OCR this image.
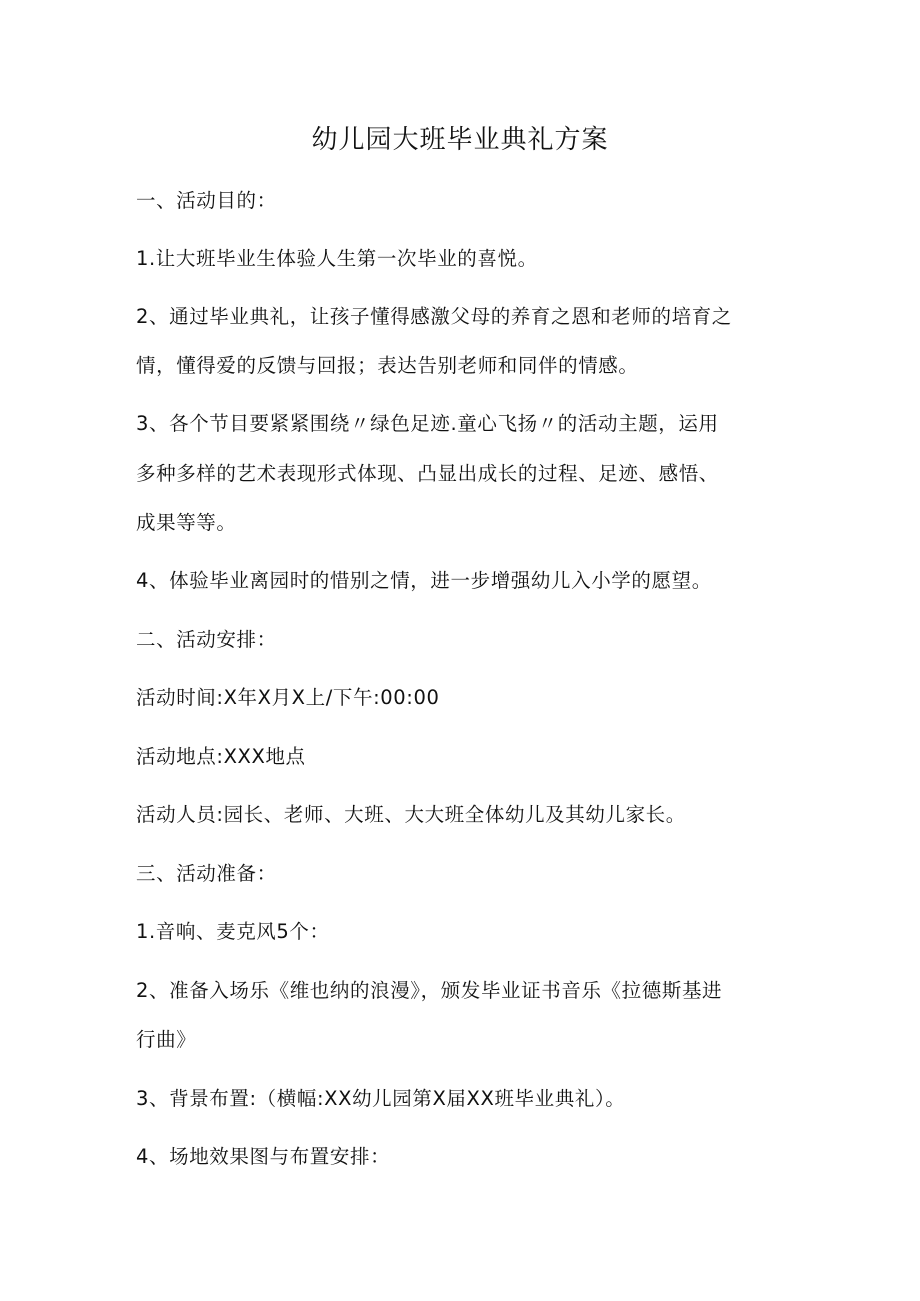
幼儿园大班毕业典礼方案
一、活动目的：
1.让大班毕业生体验人生第一次毕业的喜悦。
2、通过毕业典礼，让孩子懂得感激父母的养育之恩和老师的培育之
情，懂得爱的反馈与回报；表达告别老师和同伴的情感。
3、各个节目要紧紧围绕〃绿色足迹.童心飞扬〃的活动主题，运用
多种多样的艺术表现形式体现、凸显出成长的过程、足迹、感悟、
成果等等。
4、体验毕业离园时的惜别之情，进一步增强幼儿入小学的愿望。
二、活动安排：
活动时间:X年X月X上/下午:00:00
活动地点:XXX地点
活动人员:园长、老师、大班、大大班全体幼儿及其幼儿家长。
三、活动准备：
1.音响、麦克风5个：
2、准备入场乐《维也纳的浪漫》，颁发毕业证书音乐《拉德斯基进
行曲》
3、背景布置:（横幅:XX幼儿园第X届XX班毕业典礼）。
4、场地效果图与布置安排：
